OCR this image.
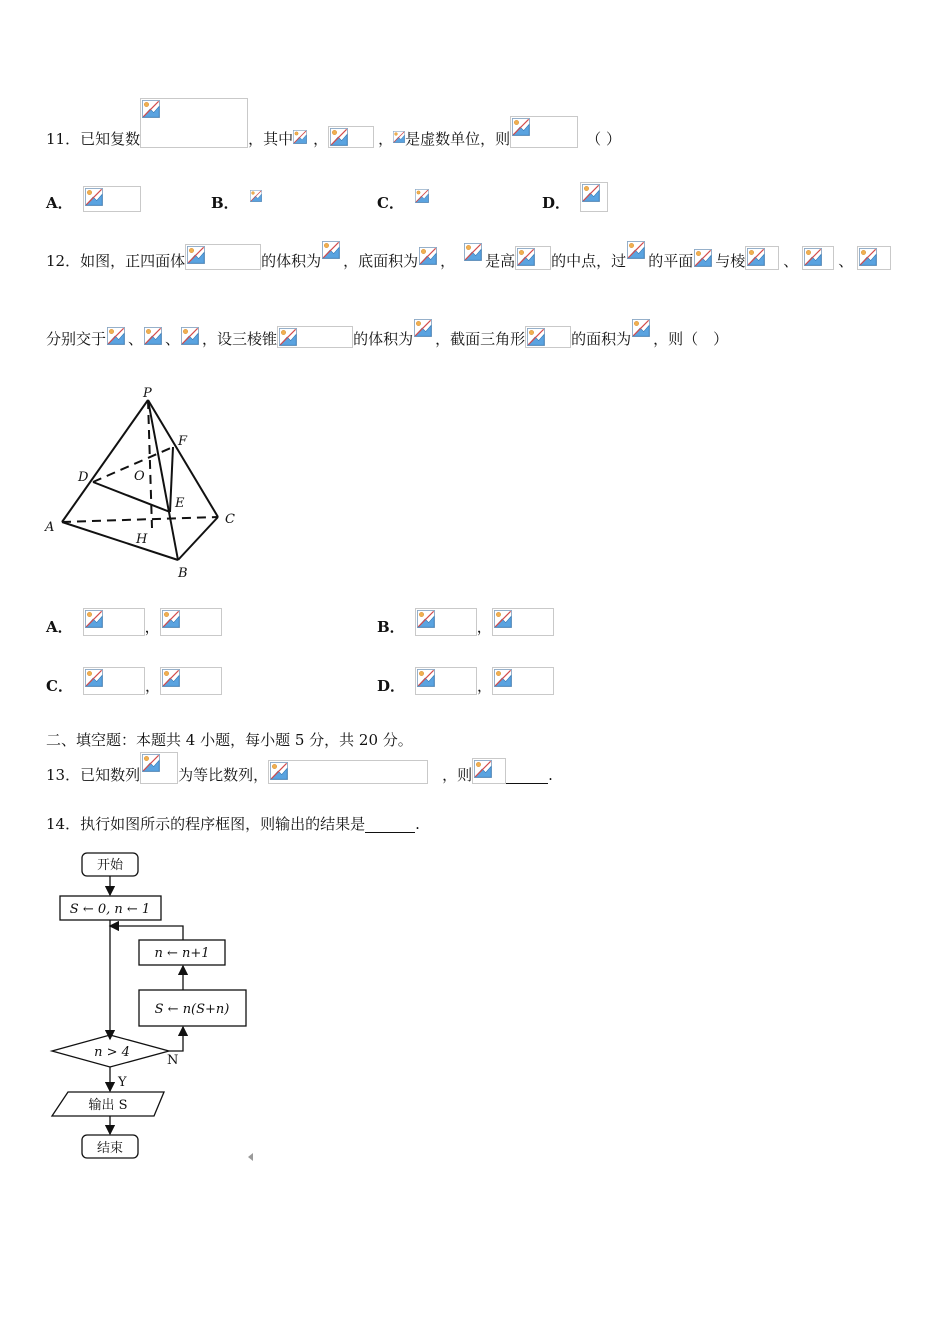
11． 已知复数	，其中 ，	， 是虚数单位，则	（ ）
A．	B．	C．	D．
12． 如图，正四面体	的体积为 ，底面积为 ， 是高 的中点，过 的平面 与棱	、	、
分别交于 、 、 ，设三棱锥	的体积为 ，截面三角形	的面积为 ，则（　）
P
F
D	O
E
A
C
H
B
A．	，	B．	，
C．	，	D．	，
二、填空题：本题共 4 小题，每小题 5 分，共 20 分。
13． 已知数列	为等比数列，	，则	.
14． 执行如图所示的程序框图，则输出的结果是	.
开始
S ← 0, n ← 1
n ← n+1
S ← n(S+n)
n > 4
N
Y
输出 S
结束
